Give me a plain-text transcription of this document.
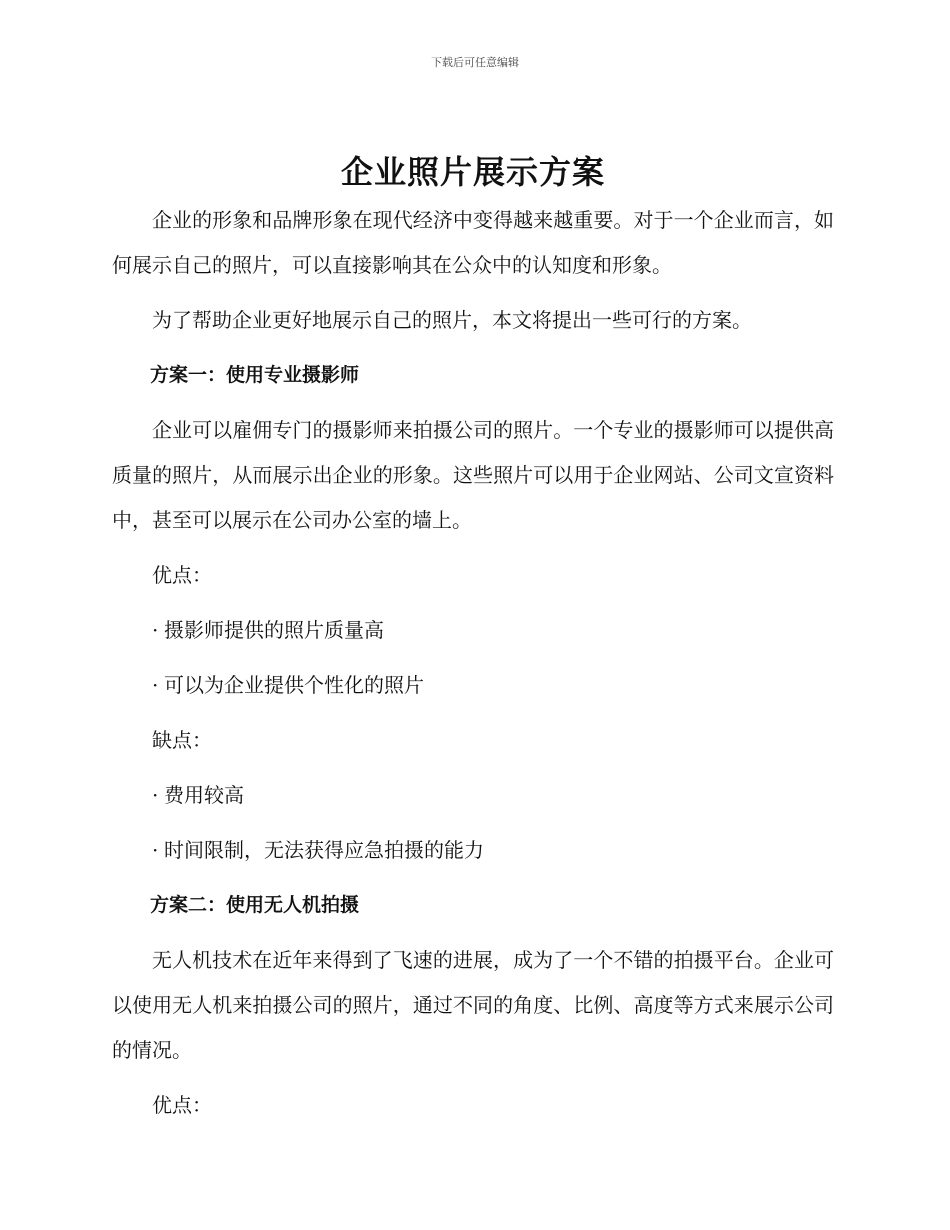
下载后可任意编辑
企业照片展示方案

企业的形象和品牌形象在现代经济中变得越来越重要。对于一个企业而言，如何展示自己的照片，可以直接影响其在公众中的认知度和形象。

为了帮助企业更好地展示自己的照片，本文将提出一些可行的方案。

方案一：使用专业摄影师

企业可以雇佣专门的摄影师来拍摄公司的照片。一个专业的摄影师可以提供高质量的照片，从而展示出企业的形象。这些照片可以用于企业网站、公司文宣资料中，甚至可以展示在公司办公室的墙上。

优点：

· 摄影师提供的照片质量高

· 可以为企业提供个性化的照片

缺点：

· 费用较高

· 时间限制，无法获得应急拍摄的能力

方案二：使用无人机拍摄

无人机技术在近年来得到了飞速的进展，成为了一个不错的拍摄平台。企业可以使用无人机来拍摄公司的照片，通过不同的角度、比例、高度等方式来展示公司的情况。

优点：
